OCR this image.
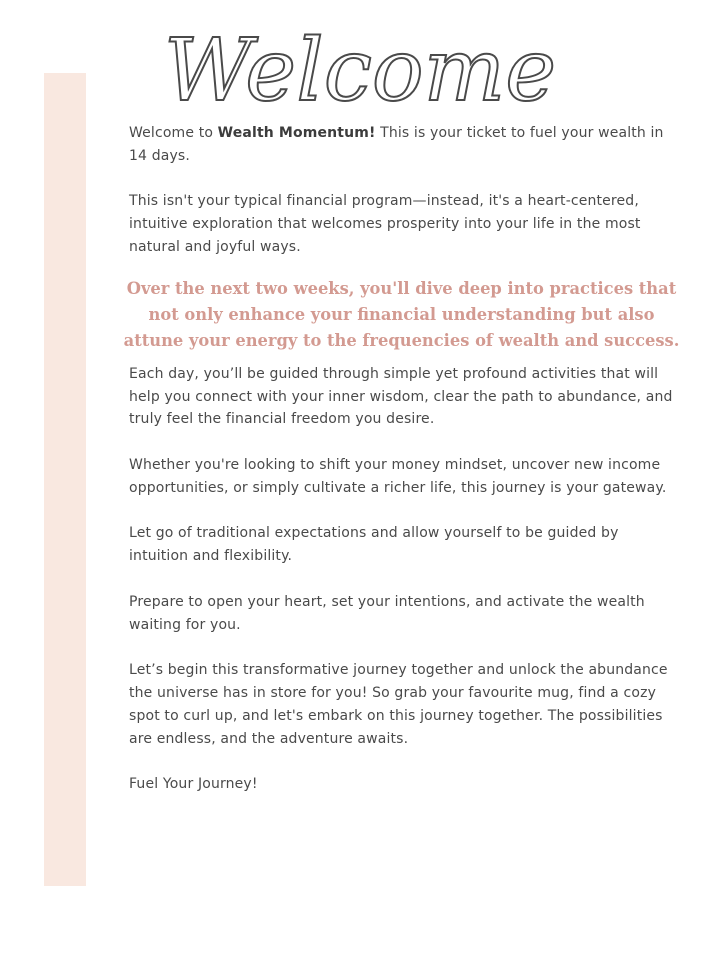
Welcome

Welcome to Wealth Momentum! This is your ticket to fuel your wealth in 14 days.

This isn't your typical financial program—instead, it's a heart-centered, intuitive exploration that welcomes prosperity into your life in the most natural and joyful ways.

Over the next two weeks, you'll dive deep into practices that not only enhance your financial understanding but also attune your energy to the frequencies of wealth and success.

Each day, you’ll be guided through simple yet profound activities that will help you connect with your inner wisdom, clear the path to abundance, and truly feel the financial freedom you desire.

Whether you're looking to shift your money mindset, uncover new income opportunities, or simply cultivate a richer life, this journey is your gateway.

Let go of traditional expectations and allow yourself to be guided by intuition and flexibility.

Prepare to open your heart, set your intentions, and activate the wealth waiting for you.

Let’s begin this transformative journey together and unlock the abundance the universe has in store for you! So grab your favourite mug, find a cozy spot to curl up, and let's embark on this journey together. The possibilities are endless, and the adventure awaits.

Fuel Your Journey!
